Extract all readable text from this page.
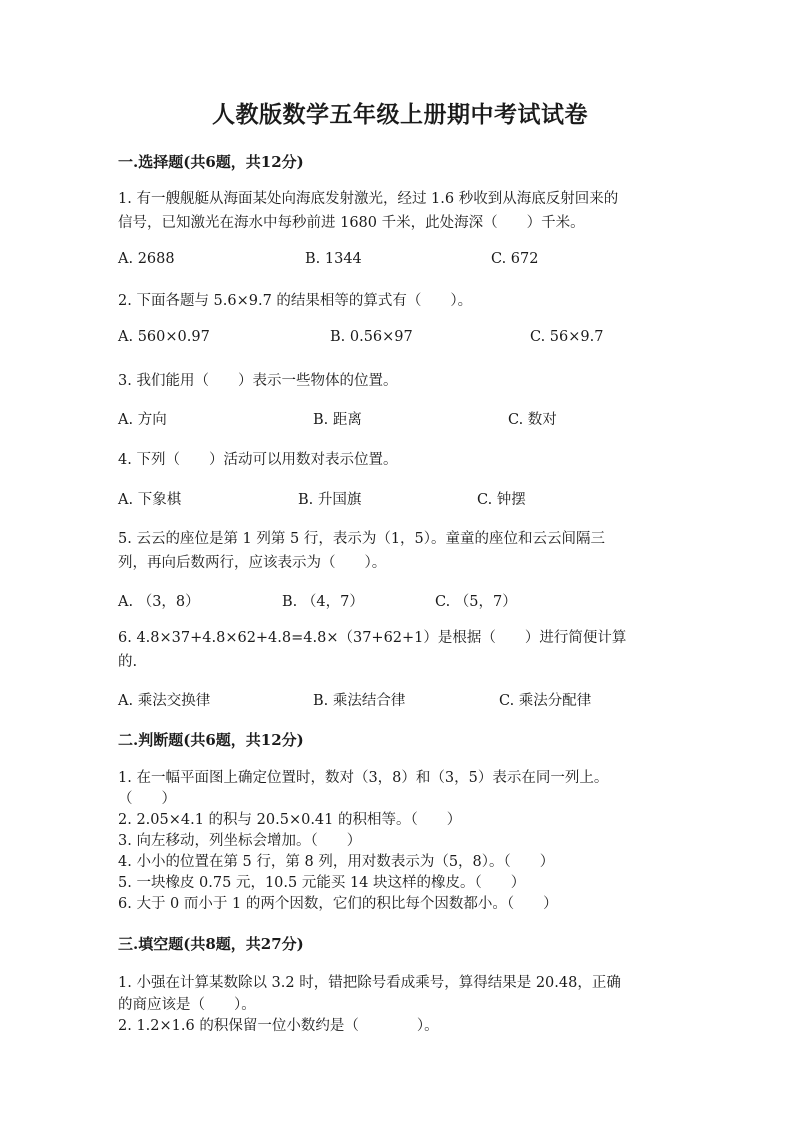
人教版数学五年级上册期中考试试卷
一.选择题(共6题，共12分)
1. 有一艘舰艇从海面某处向海底发射激光，经过 1.6 秒收到从海底反射回来的
信号，已知激光在海水中每秒前进 1680 千米，此处海深（　　）千米。
A. 2688	B. 1344	C. 672
2. 下面各题与 5.6×9.7 的结果相等的算式有（　　）。
A. 560×0.97	B. 0.56×97	C. 56×9.7
3. 我们能用（　　）表示一些物体的位置。
A. 方向	B. 距离	C. 数对
4. 下列（　　）活动可以用数对表示位置。
A. 下象棋	B. 升国旗	C. 钟摆
5. 云云的座位是第 1 列第 5 行，表示为（1，5）。童童的座位和云云间隔三
列，再向后数两行，应该表示为（　　）。
A. （3，8）	B. （4，7）	C. （5，7）
6. 4.8×37+4.8×62+4.8=4.8×（37+62+1）是根据（　　）进行简便计算
的.
A. 乘法交换律	B. 乘法结合律	C. 乘法分配律
二.判断题(共6题，共12分)
1. 在一幅平面图上确定位置时，数对（3，8）和（3，5）表示在同一列上。
（　　）
2. 2.05×4.1 的积与 20.5×0.41 的积相等。（　　）
3. 向左移动，列坐标会增加。（　　）
4. 小小的位置在第 5 行，第 8 列，用对数表示为（5，8）。（　　）
5. 一块橡皮 0.75 元，10.5 元能买 14 块这样的橡皮。（　　）
6. 大于 0 而小于 1 的两个因数，它们的积比每个因数都小。（　　）
三.填空题(共8题，共27分)
1. 小强在计算某数除以 3.2 时，错把除号看成乘号，算得结果是 20.48，正确
的商应该是（　　）。
2. 1.2×1.6 的积保留一位小数约是（　　　　）。
